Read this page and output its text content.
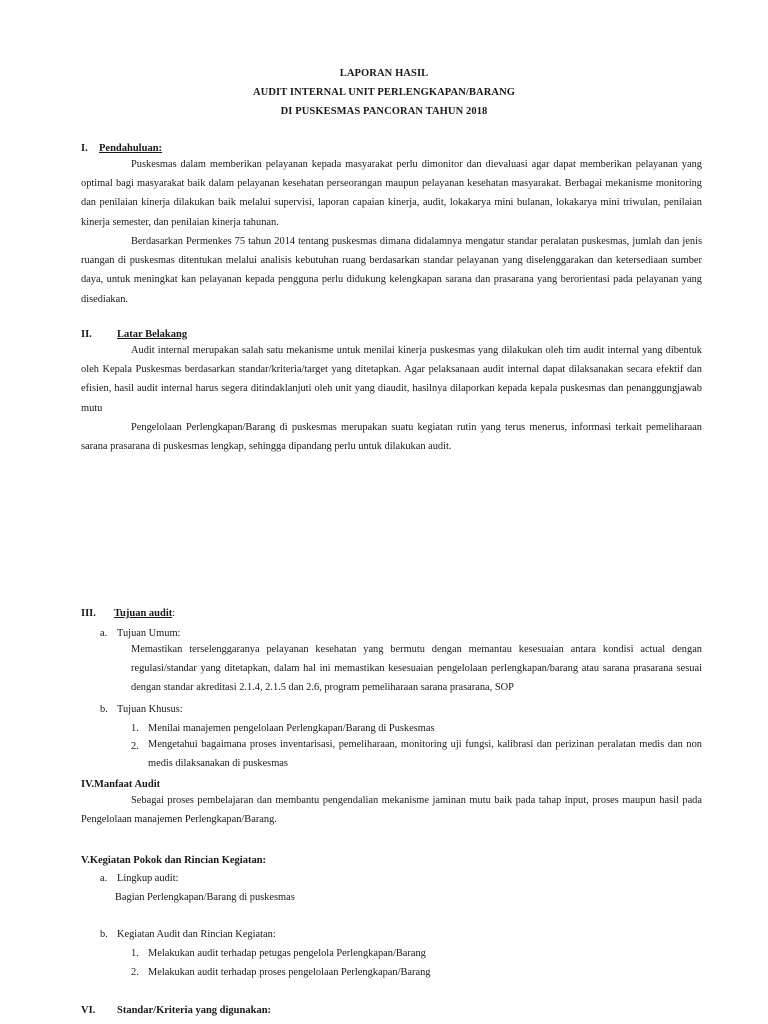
LAPORAN HASIL
AUDIT INTERNAL UNIT PERLENGKAPAN/BARANG
DI PUSKESMAS PANCORAN TAHUN 2018
I. Pendahuluan:

Puskesmas dalam memberikan pelayanan kepada masyarakat perlu dimonitor dan dievaluasi agar dapat memberikan pelayanan yang optimal bagi masyarakat baik dalam pelayanan kesehatan perseorangan maupun pelayanan kesehatan masyarakat. Berbagai mekanisme monitoring dan penilaian kinerja dilakukan baik melalui supervisi, laporan capaian kinerja, audit, lokakarya mini bulanan, lokakarya mini triwulan, penilaian kinerja semester, dan penilaian kinerja tahunan.

Berdasarkan Permenkes 75 tahun 2014 tentang puskesmas dimana didalamnya mengatur standar peralatan puskesmas, jumlah dan jenis ruangan di puskesmas ditentukan melalui analisis kebutuhan ruang berdasarkan standar pelayanan yang diselenggarakan dan ketersediaan sumber daya, untuk meningkat kan pelayanan kepada pengguna perlu didukung kelengkapan sarana dan prasarana yang berorientasi pada pelayanan yang disediakan.

II. Latar Belakang

Audit internal merupakan salah satu mekanisme untuk menilai kinerja puskesmas yang dilakukan oleh tim audit internal yang dibentuk oleh Kepala Puskesmas berdasarkan standar/kriteria/target yang ditetapkan. Agar pelaksanaan audit internal dapat dilaksanakan secara efektif dan efisien, hasil audit internal harus segera ditindaklanjuti oleh unit yang diaudit, hasilnya dilaporkan kepada kepala puskesmas dan penanggungjawab mutu

Pengelolaan Perlengkapan/Barang di puskesmas merupakan suatu kegiatan rutin yang terus menerus, informasi terkait pemeliharaan sarana prasarana di puskesmas lengkap, sehingga dipandang perlu untuk dilakukan audit.

III. Tujuan audit:
a. Tujuan Umum:

Memastikan terselenggaranya pelayanan kesehatan yang bermutu dengan memantau kesesuaian antara kondisi actual dengan regulasi/standar yang ditetapkan, dalam hal ini memastikan kesesuaian pengelolaan perlengkapan/barang atau sarana prasarana sesuai dengan standar akreditasi 2.1.4, 2.1.5 dan 2.6, program pemeliharaan sarana prasarana, SOP

b. Tujuan Khusus:
1. Menilai manajemen pengelolaan Perlengkapan/Barang di Puskesmas
2. Mengetahui bagaimana proses inventarisasi, pemeliharaan, monitoring uji fungsi, kalibrasi dan perizinan peralatan medis dan non medis dilaksanakan di puskesmas

IV.Manfaat Audit

Sebagai proses pembelajaran dan membantu pengendalian mekanisme jaminan mutu baik pada tahap input, proses maupun hasil pada Pengelolaan manajemen Perlengkapan/Barang.

V.Kegiatan Pokok dan Rincian Kegiatan:
a. Lingkup audit:
Bagian Perlengkapan/Barang di puskesmas
b. Kegiatan Audit dan Rincian Kegiatan:
1. Melakukan audit terhadap petugas pengelola Perlengkapan/Barang
2. Melakukan audit terhadap proses pengelolaan Perlengkapan/Barang
VI. Standar/Kriteria yang digunakan:
